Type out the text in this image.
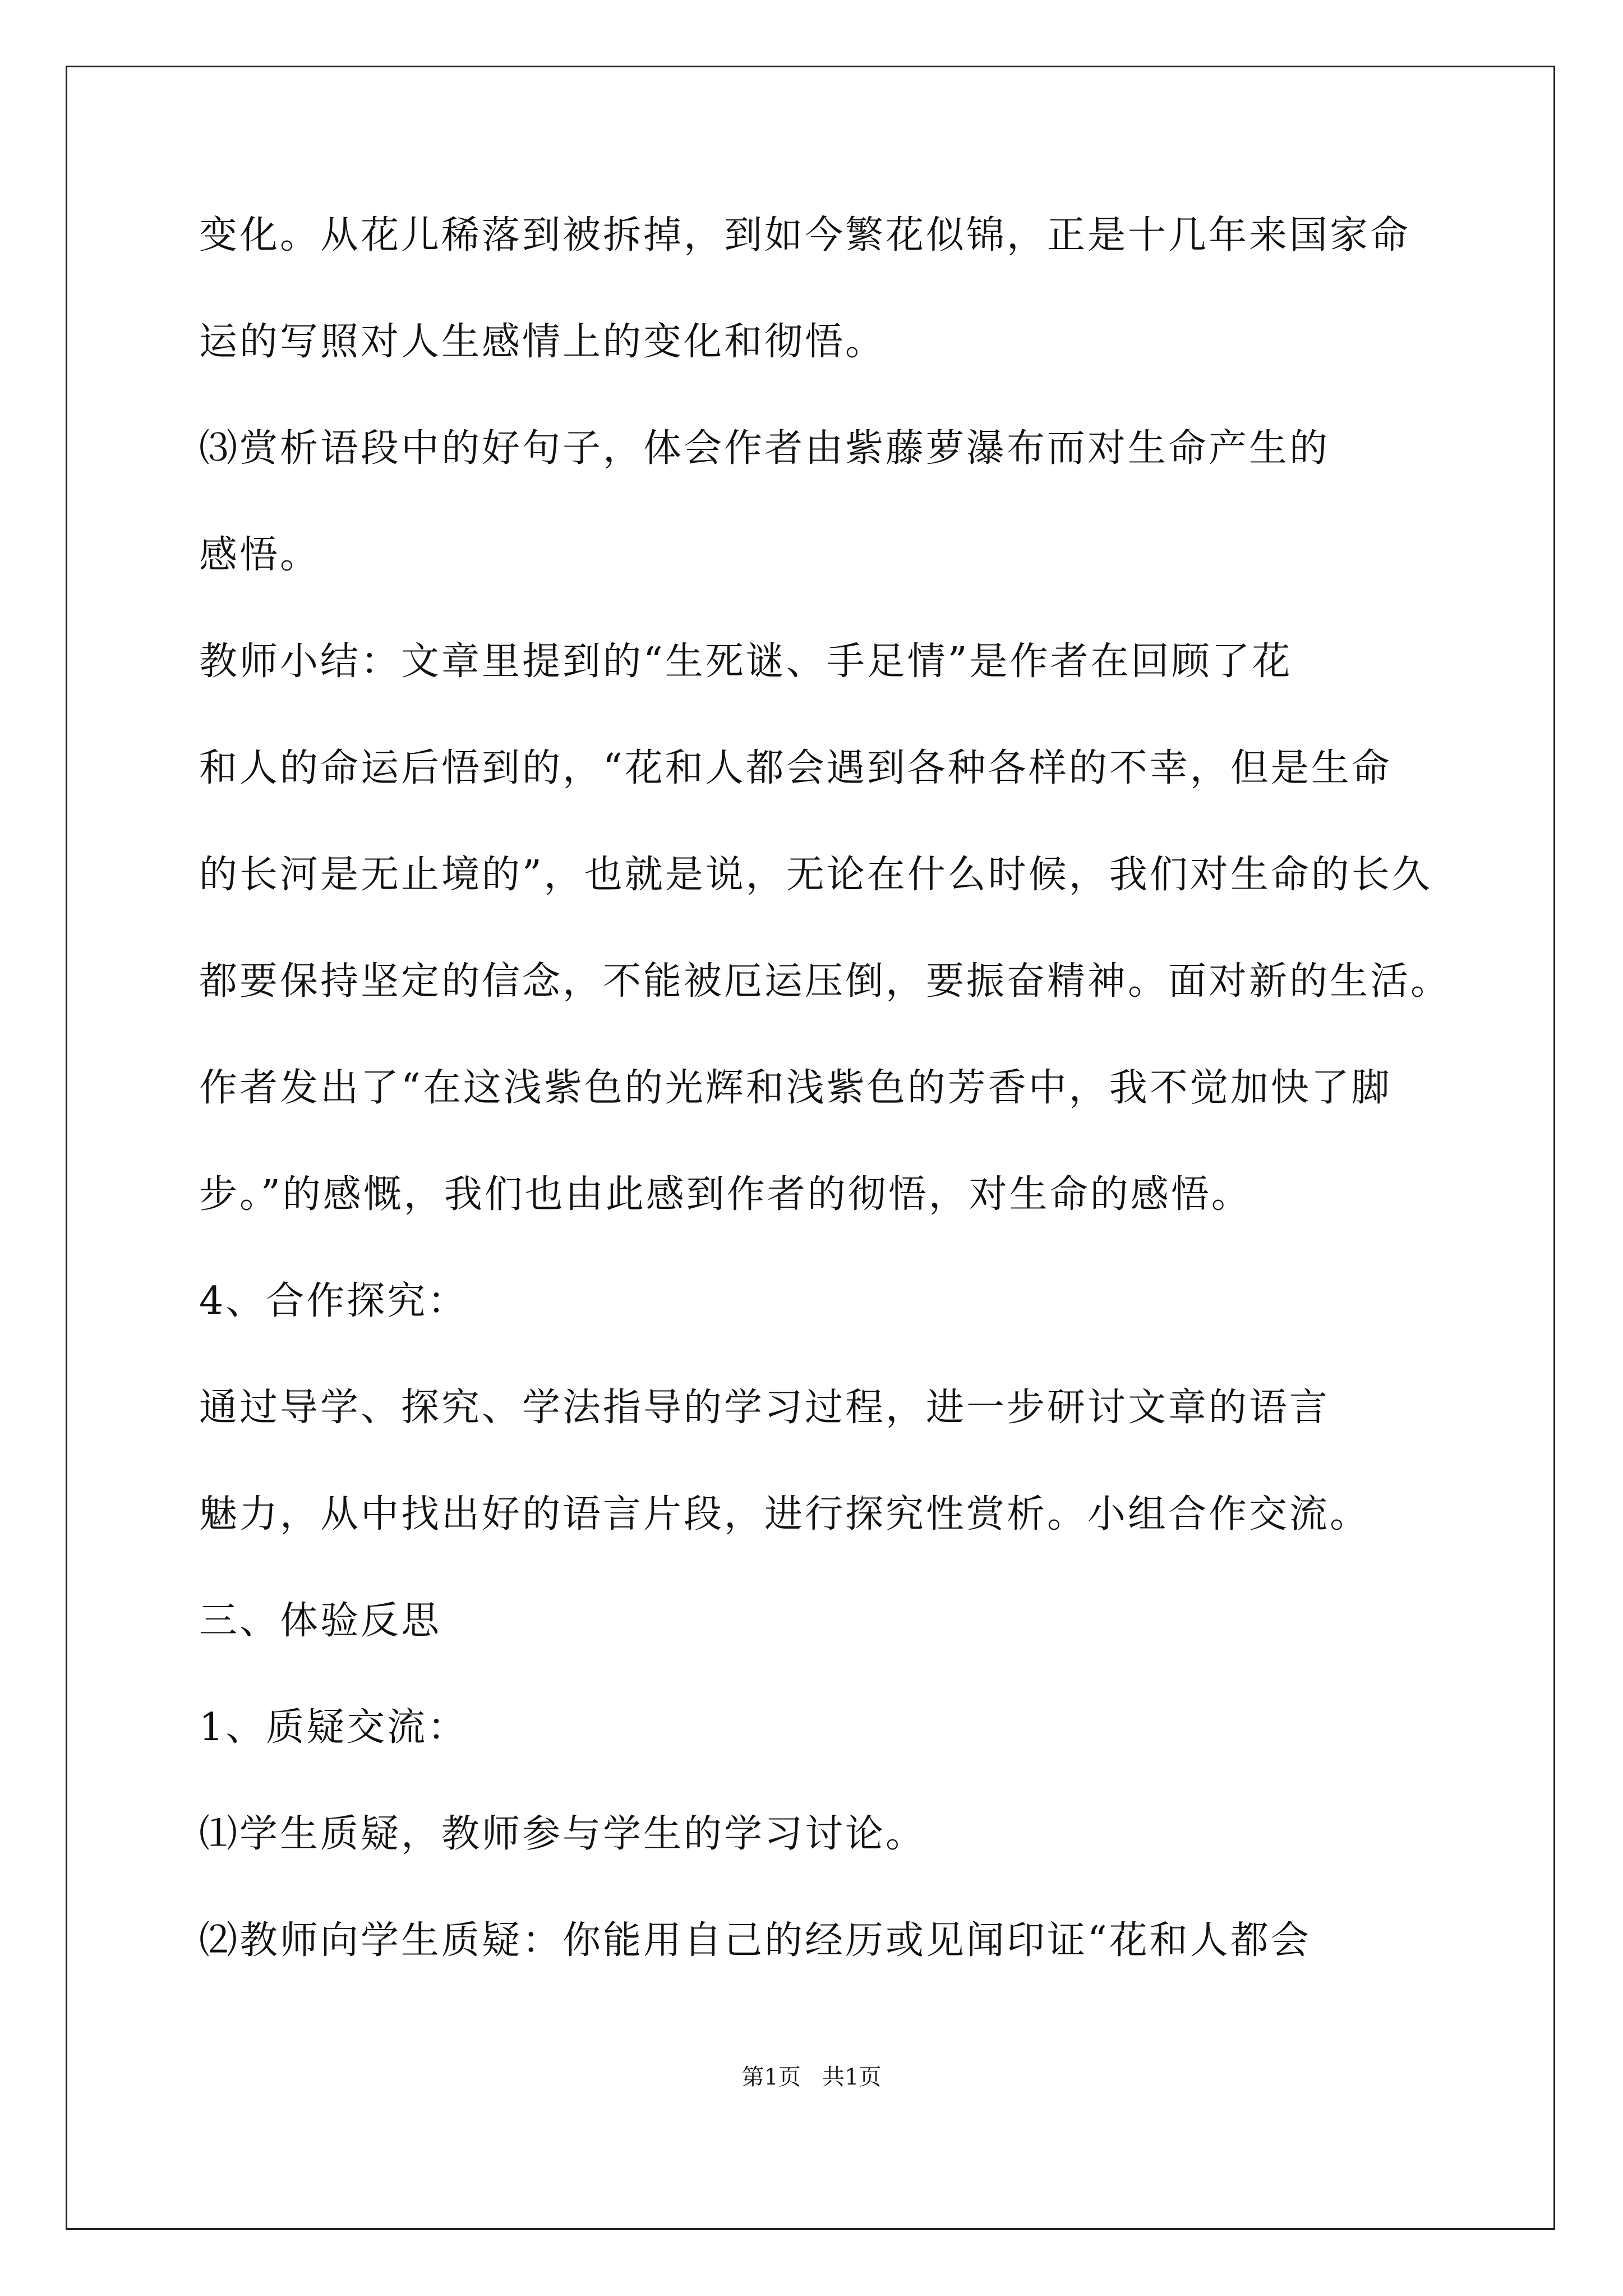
变化。从花儿稀落到被拆掉，到如今繁花似锦，正是十几年来国家命
运的写照对人生感情上的变化和彻悟。
⑶赏析语段中的好句子，体会作者由紫藤萝瀑布而对生命产生的
感悟。
教师小结：文章里提到的“生死谜、手足情”是作者在回顾了花
和人的命运后悟到的，“花和人都会遇到各种各样的不幸，但是生命
的长河是无止境的”，也就是说，无论在什么时候，我们对生命的长久
都要保持坚定的信念，不能被厄运压倒，要振奋精神。面对新的生活。
作者发出了“在这浅紫色的光辉和浅紫色的芳香中，我不觉加快了脚
步。”的感慨，我们也由此感到作者的彻悟，对生命的感悟。
4、合作探究：
通过导学、探究、学法指导的学习过程，进一步研讨文章的语言
魅力，从中找出好的语言片段，进行探究性赏析。小组合作交流。
三、体验反思
1、质疑交流：
⑴学生质疑，教师参与学生的学习讨论。
⑵教师向学生质疑：你能用自己的经历或见闻印证“花和人都会
第1页   共1页
